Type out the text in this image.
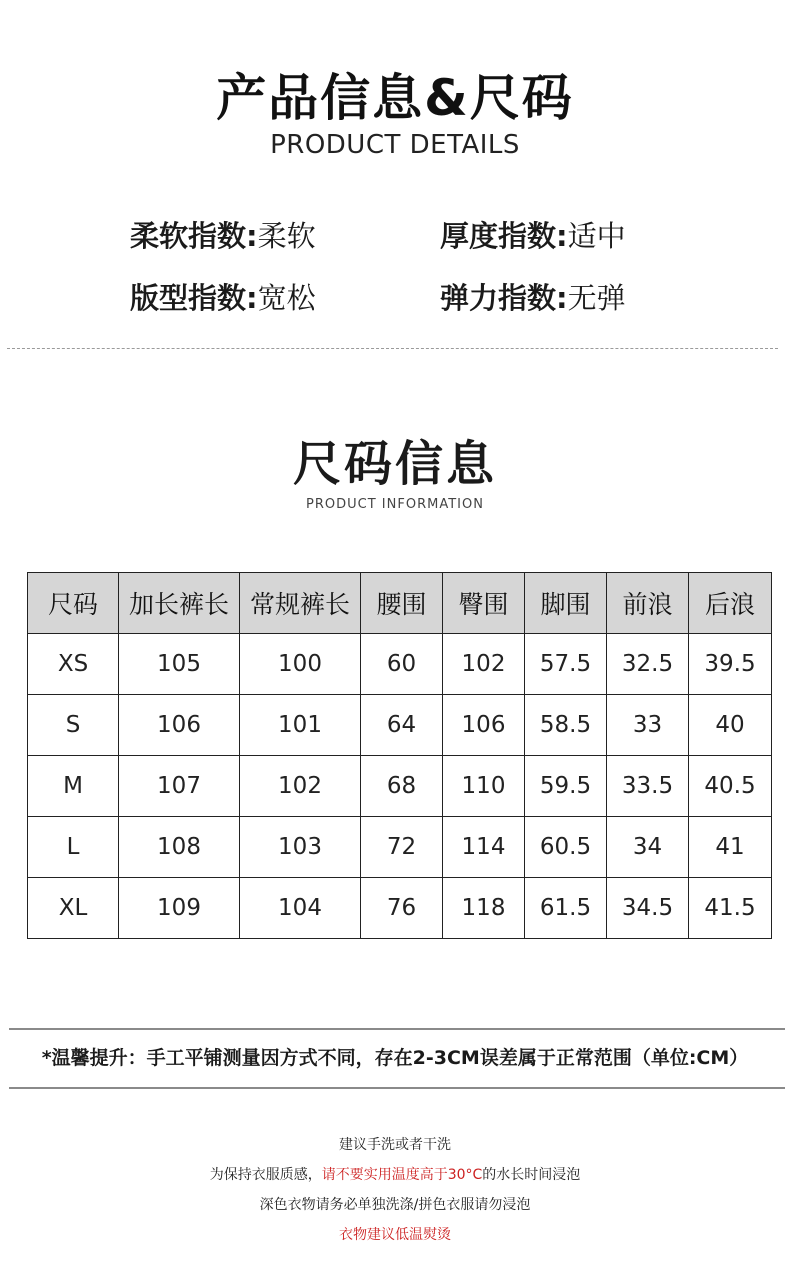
产品信息&尺码
PRODUCT DETAILS
柔软指数:柔软	厚度指数:适中
版型指数:宽松	弹力指数:无弹
尺码信息
PRODUCT INFORMATION
尺码	加长裤长	常规裤长	腰围	臀围	脚围	前浪	后浪
XS	105	100	60	102	57.5	32.5	39.5
S	106	101	64	106	58.5	33	40
M	107	102	68	110	59.5	33.5	40.5
L	108	103	72	114	60.5	34	41
XL	109	104	76	118	61.5	34.5	41.5
*温馨提升：手工平铺测量因方式不同，存在2-3CM误差属于正常范围（单位:CM）
建议手洗或者干洗
为保持衣服质感，请不要实用温度高于30°C的水长时间浸泡
深色衣物请务必单独洗涤/拼色衣服请勿浸泡
衣物建议低温熨烫
